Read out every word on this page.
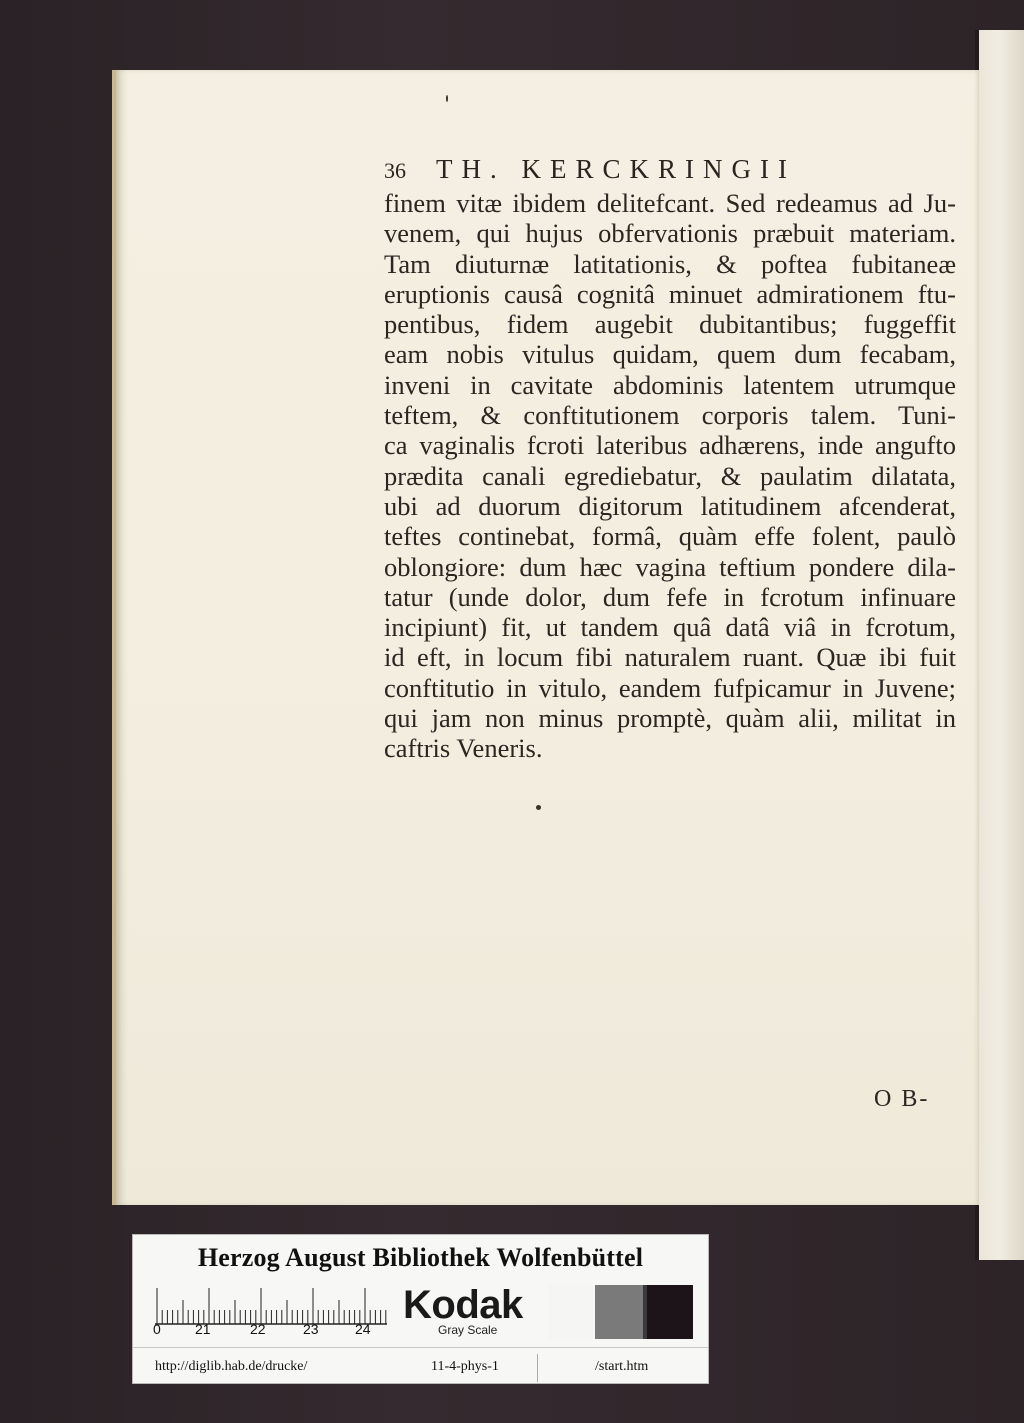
36 TH. KERCKRINGII
finem vitæ ibidem delitefcant. Sed redeamus ad Ju-
venem, qui hujus obfervationis præbuit materiam.
Tam diuturnæ latitationis, & poftea fubitaneæ
eruptionis causâ cognitâ minuet admirationem ftu-
pentibus, fidem augebit dubitantibus; fuggeffit
eam nobis vitulus quidam, quem dum fecabam,
inveni in cavitate abdominis latentem utrumque
teftem, & conftitutionem corporis talem. Tuni-
ca vaginalis fcroti lateribus adhærens, inde angufto
prædita canali egrediebatur, & paulatim dilatata,
ubi ad duorum digitorum latitudinem afcenderat,
teftes continebat, formâ, quàm effe folent, paulò
oblongiore: dum hæc vagina teftium pondere dila-
tatur (unde dolor, dum fefe in fcrotum infinuare
incipiunt) fit, ut tandem quâ datâ viâ in fcrotum,
id eft, in locum fibi naturalem ruant. Quæ ibi fuit
conftitutio in vitulo, eandem fufpicamur in Juvene;
qui jam non minus promptè, quàm alii, militat in
caftris Veneris.
O B-
Herzog August Bibliothek Wolfenbüttel
0 21	22	23	24
Kodak
Gray Scale
http://diglib.hab.de/drucke/	11-4-phys-1	/start.htm
